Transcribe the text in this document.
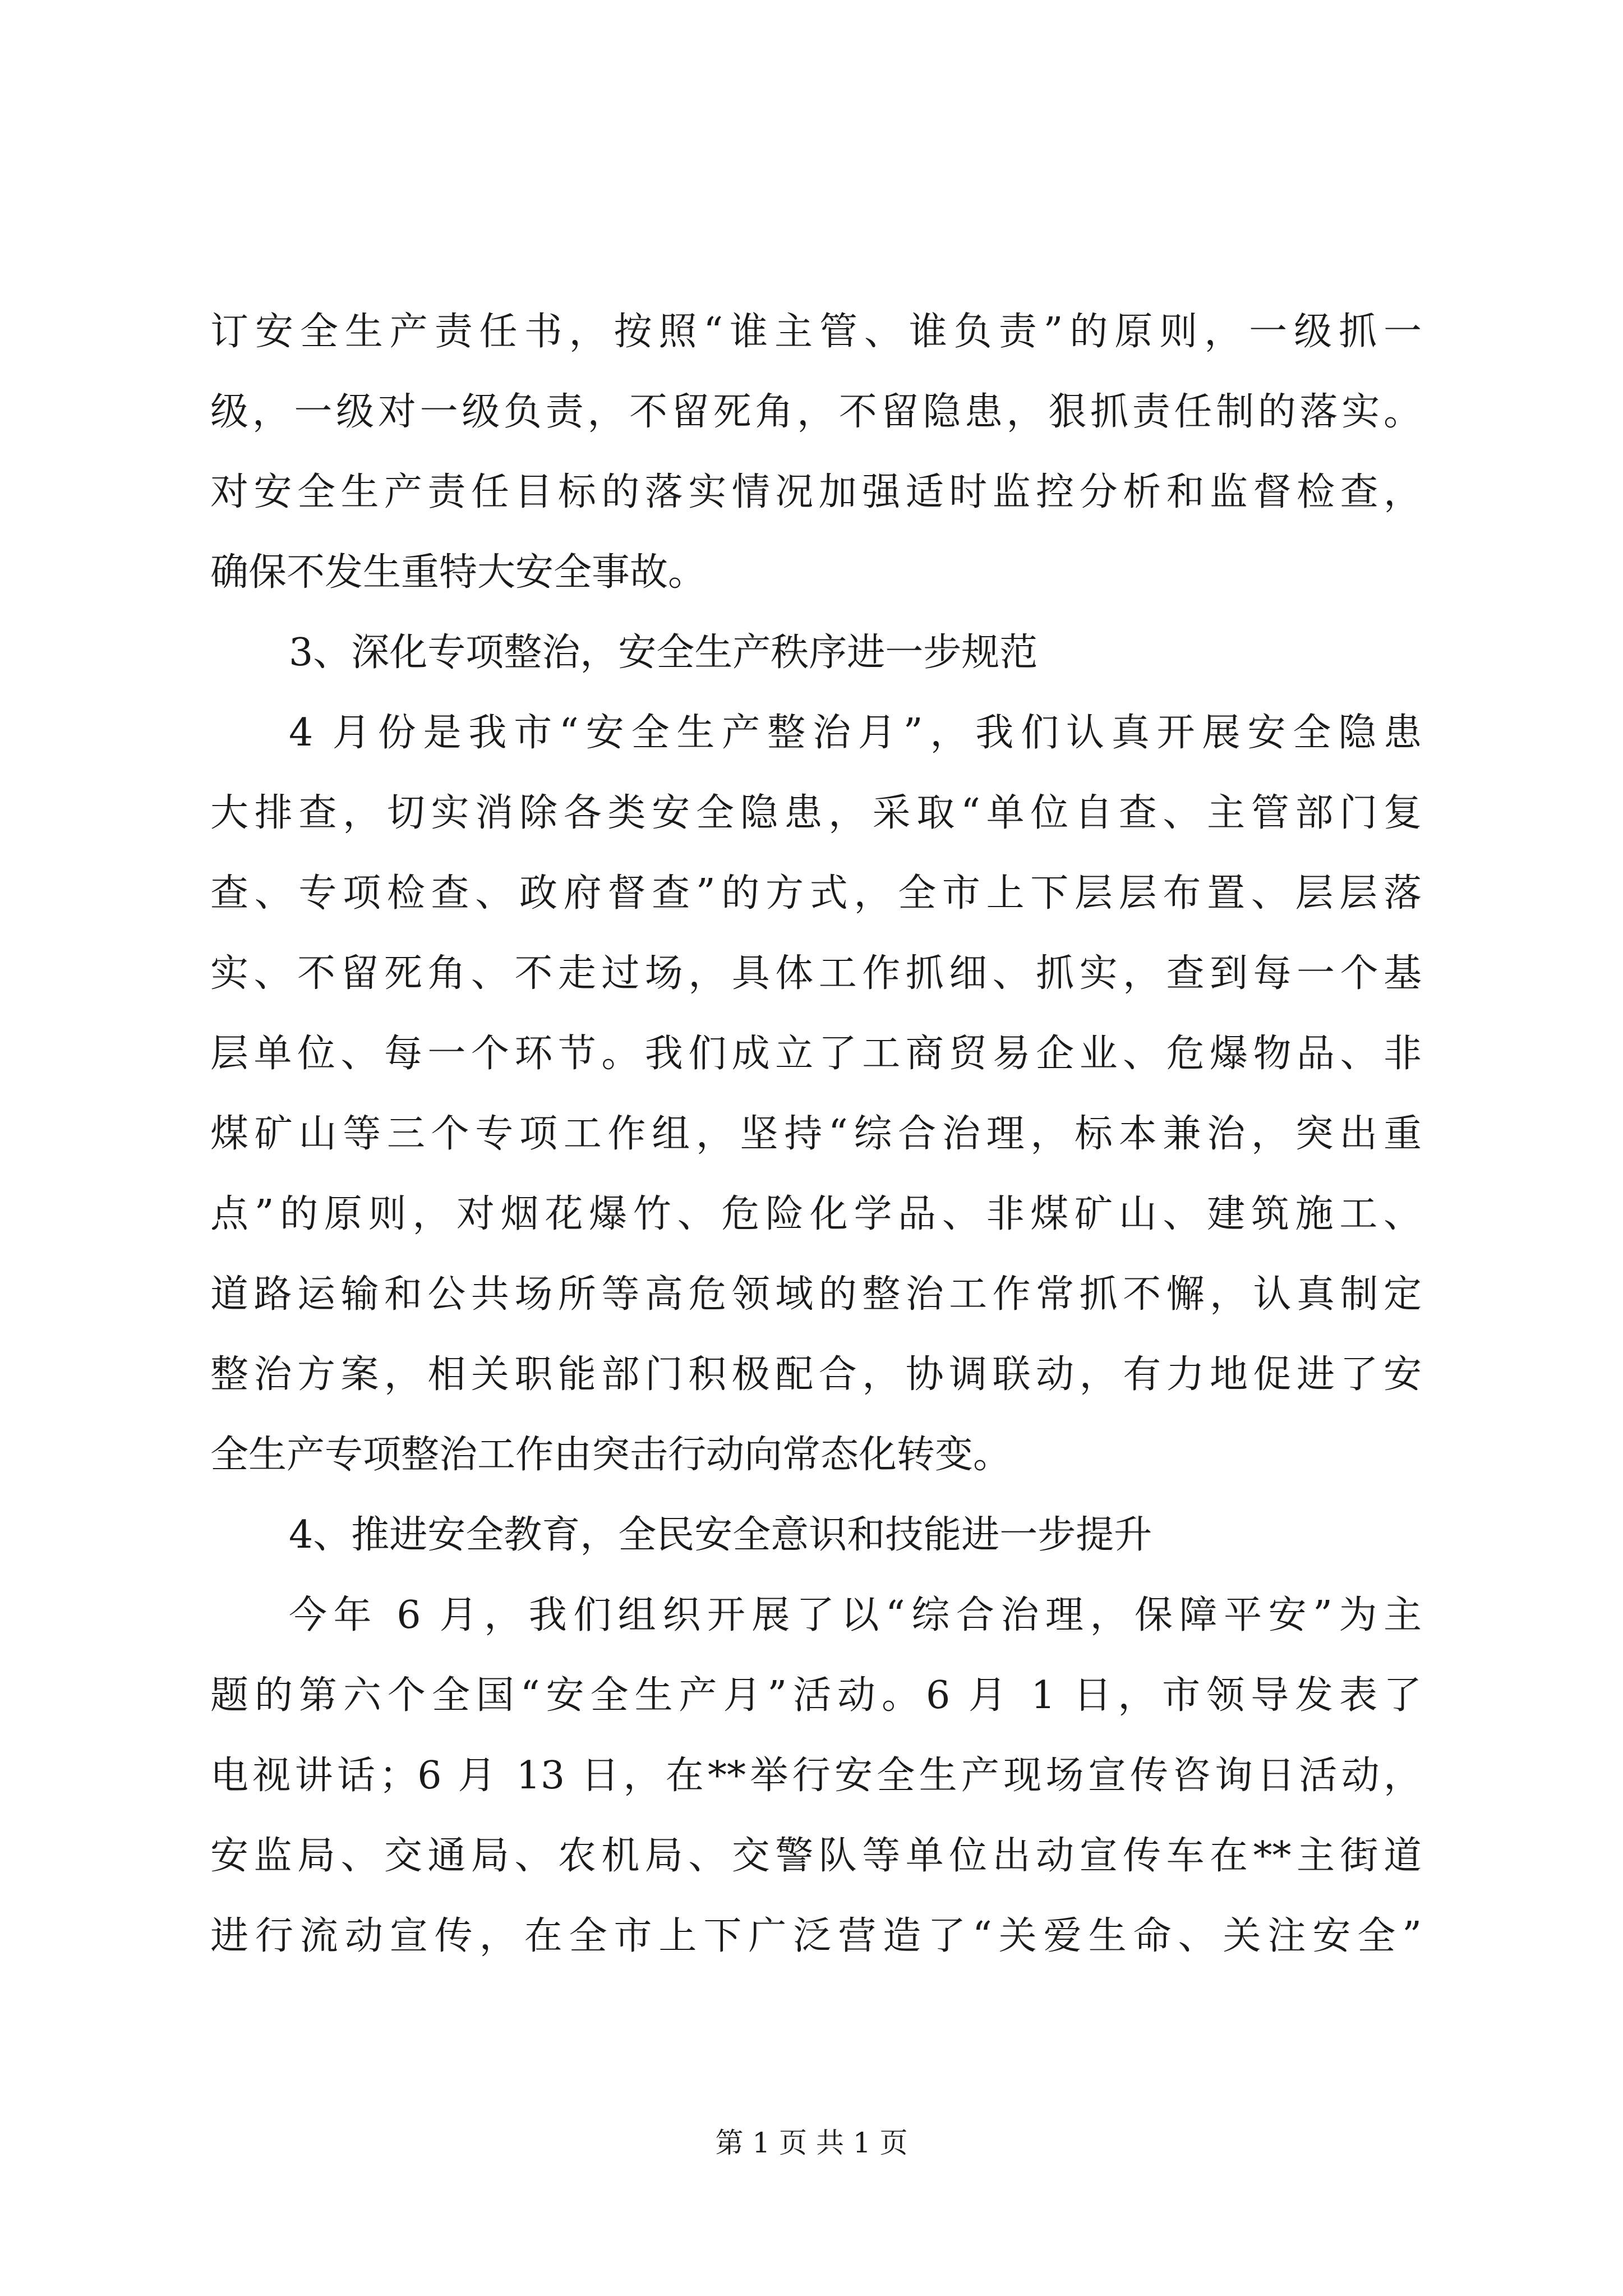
订安全生产责任书，按照“谁主管、谁负责”的原则，一级抓一

级，一级对一级负责，不留死角，不留隐患，狠抓责任制的落实。

对安全生产责任目标的落实情况加强适时监控分析和监督检查，

确保不发生重特大安全事故。

3、深化专项整治，安全生产秩序进一步规范

4 月份是我市“安全生产整治月”，我们认真开展安全隐患

大排查，切实消除各类安全隐患，采取“单位自查、主管部门复

查、专项检查、政府督查”的方式，全市上下层层布置、层层落

实、不留死角、不走过场，具体工作抓细、抓实，查到每一个基

层单位、每一个环节。我们成立了工商贸易企业、危爆物品、非

煤矿山等三个专项工作组，坚持“综合治理，标本兼治，突出重

点”的原则，对烟花爆竹、危险化学品、非煤矿山、建筑施工、

道路运输和公共场所等高危领域的整治工作常抓不懈，认真制定

整治方案，相关职能部门积极配合，协调联动，有力地促进了安

全生产专项整治工作由突击行动向常态化转变。

4、推进安全教育，全民安全意识和技能进一步提升

今年 6 月，我们组织开展了以“综合治理，保障平安”为主

题的第六个全国“安全生产月”活动。6 月 1 日，市领导发表了

电视讲话；6 月 13 日，在**举行安全生产现场宣传咨询日活动，

安监局、交通局、农机局、交警队等单位出动宣传车在**主街道

进行流动宣传，在全市上下广泛营造了“关爱生命、关注安全”

第 1 页 共 1 页
